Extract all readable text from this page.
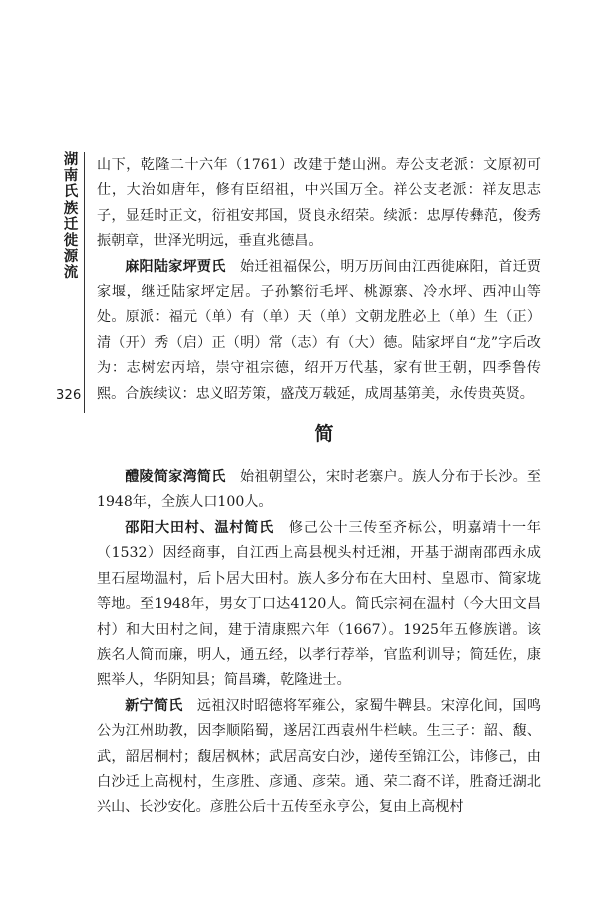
湖南氏族迁徙源流
326

山下，乾隆二十六年（1761）改建于楚山洲。寿公支老派：文原初可仕，大治如唐年，修有臣绍祖，中兴国万全。祥公支老派：祥友思志子，显廷时正文，衍祖安邦国，贤良永绍荣。续派：忠厚传彝范，俊秀振朝章，世泽光明远，垂直兆德昌。

麻阳陆家坪贾氏　始迁祖福保公，明万历间由江西徙麻阳，首迁贾家堰，继迁陆家坪定居。子孙繁衍毛坪、桃源寨、冷水坪、西冲山等处。原派：福元（单）有（单）天（单）文朝龙胜必上（单）生（正）清（开）秀（启）正（明）常（志）有（大）德。陆家坪自“龙”字后改为：志树宏丙培，崇守祖宗德，绍开万代基，家有世王朝，四季鲁传熙。合族续议：忠义昭芳策，盛茂万载延，成周基第美，永传贵英贤。

简

醴陵简家湾简氏　始祖朝望公，宋时老寨户。族人分布于长沙。至1948年，全族人口100人。

邵阳大田村、温村简氏　修己公十三传至齐标公，明嘉靖十一年（1532）因经商事，自江西上高县枧头村迁湘，开基于湖南邵西永成里石屋坳温村，后卜居大田村。族人多分布在大田村、皇恩市、简家垅等地。至1948年，男女丁口达4120人。简氏宗祠在温村（今大田文昌村）和大田村之间，建于清康熙六年（1667）。1925年五修族谱。该族名人简而廉，明人，通五经，以孝行荐举，官监利训导；简廷佐，康熙举人，华阴知县；简昌璘，乾隆进士。

新宁简氏　远祖汉时昭德将军雍公，家蜀牛鞞县。宋淳化间，国鸣公为江州助教，因李顺陷蜀，遂居江西袁州牛栏峡。生三子：韶、馥、武，韶居桐村；馥居枫林；武居高安白沙，递传至锦江公，讳修己，由白沙迁上高枧村，生彦胜、彦通、彦荣。通、荣二裔不详，胜裔迁湖北兴山、长沙安化。彦胜公后十五传至永亨公，复由上高枧村
